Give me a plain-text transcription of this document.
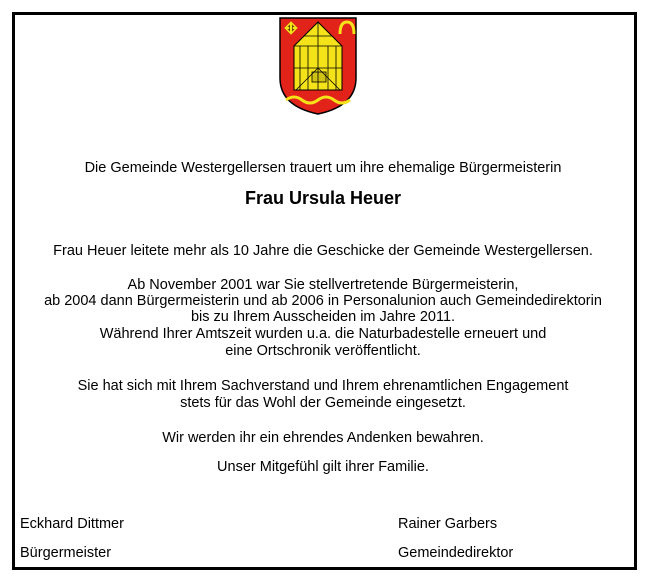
Die Gemeinde Westergellersen trauert um ihre ehemalige Bürgermeisterin
Frau Ursula Heuer
Frau Heuer leitete mehr als 10 Jahre die Geschicke der Gemeinde Westergellersen.
Ab November 2001 war Sie stellvertretende Bürgermeisterin,
ab 2004 dann Bürgermeisterin und ab 2006 in Personalunion auch Gemeindedirektorin
bis zu Ihrem Ausscheiden im Jahre 2011.
Während Ihrer Amtszeit wurden u.a. die Naturbadestelle erneuert und
eine Ortschronik veröffentlicht.
Sie hat sich mit Ihrem Sachverstand und Ihrem ehrenamtlichen Engagement
stets für das Wohl der Gemeinde eingesetzt.
Wir werden ihr ein ehrendes Andenken bewahren.
Unser Mitgefühl gilt ihrer Familie.
Eckhard Dittmer
Bürgermeister
Rainer Garbers
Gemeindedirektor
